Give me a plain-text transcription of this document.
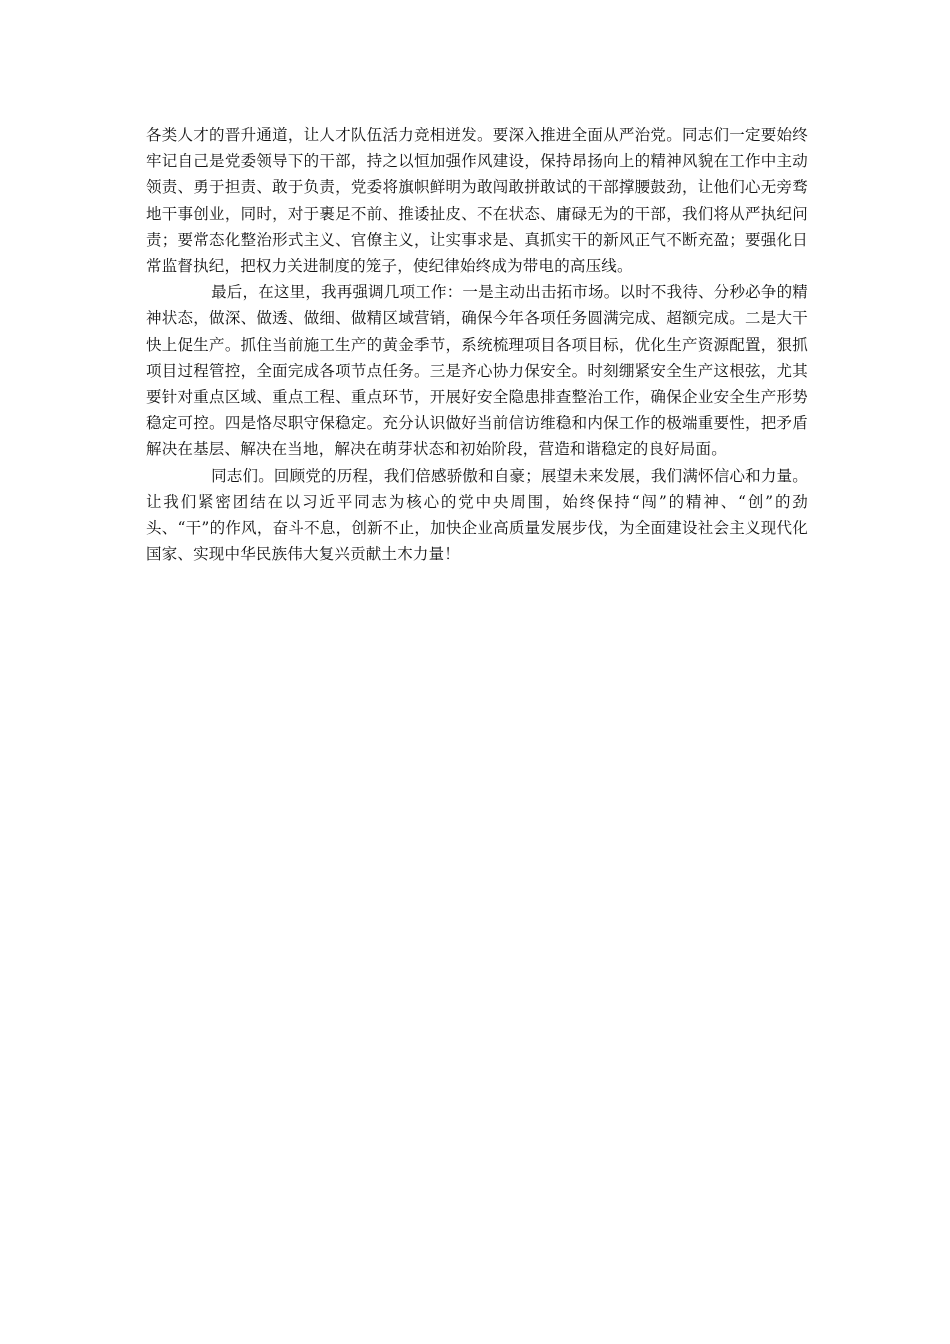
各类人才的晋升通道，让人才队伍活力竞相迸发。要深入推进全面从严治党。同志们一定要始终牢记自己是党委领导下的干部，持之以恒加强作风建设，保持昂扬向上的精神风貌在工作中主动领责、勇于担责、敢于负责，党委将旗帜鲜明为敢闯敢拼敢试的干部撑腰鼓劲，让他们心无旁骛地干事创业，同时，对于裹足不前、推诿扯皮、不在状态、庸碌无为的干部，我们将从严执纪问责；要常态化整治形式主义、官僚主义，让实事求是、真抓实干的新风正气不断充盈；要强化日常监督执纪，把权力关进制度的笼子，使纪律始终成为带电的高压线。

最后，在这里，我再强调几项工作：一是主动出击拓市场。以时不我待、分秒必争的精神状态，做深、做透、做细、做精区域营销，确保今年各项任务圆满完成、超额完成。二是大干快上促生产。抓住当前施工生产的黄金季节，系统梳理项目各项目标，优化生产资源配置，狠抓项目过程管控，全面完成各项节点任务。三是齐心协力保安全。时刻绷紧安全生产这根弦，尤其要针对重点区域、重点工程、重点环节，开展好安全隐患排查整治工作，确保企业安全生产形势稳定可控。四是恪尽职守保稳定。充分认识做好当前信访维稳和内保工作的极端重要性，把矛盾解决在基层、解决在当地，解决在萌芽状态和初始阶段，营造和谐稳定的良好局面。

同志们。回顾党的历程，我们倍感骄傲和自豪；展望未来发展，我们满怀信心和力量。让我们紧密团结在以习近平同志为核心的党中央周围，始终保持“闯”的精神、“创”的劲头、“干”的作风，奋斗不息，创新不止，加快企业高质量发展步伐，为全面建设社会主义现代化国家、实现中华民族伟大复兴贡献土木力量！
